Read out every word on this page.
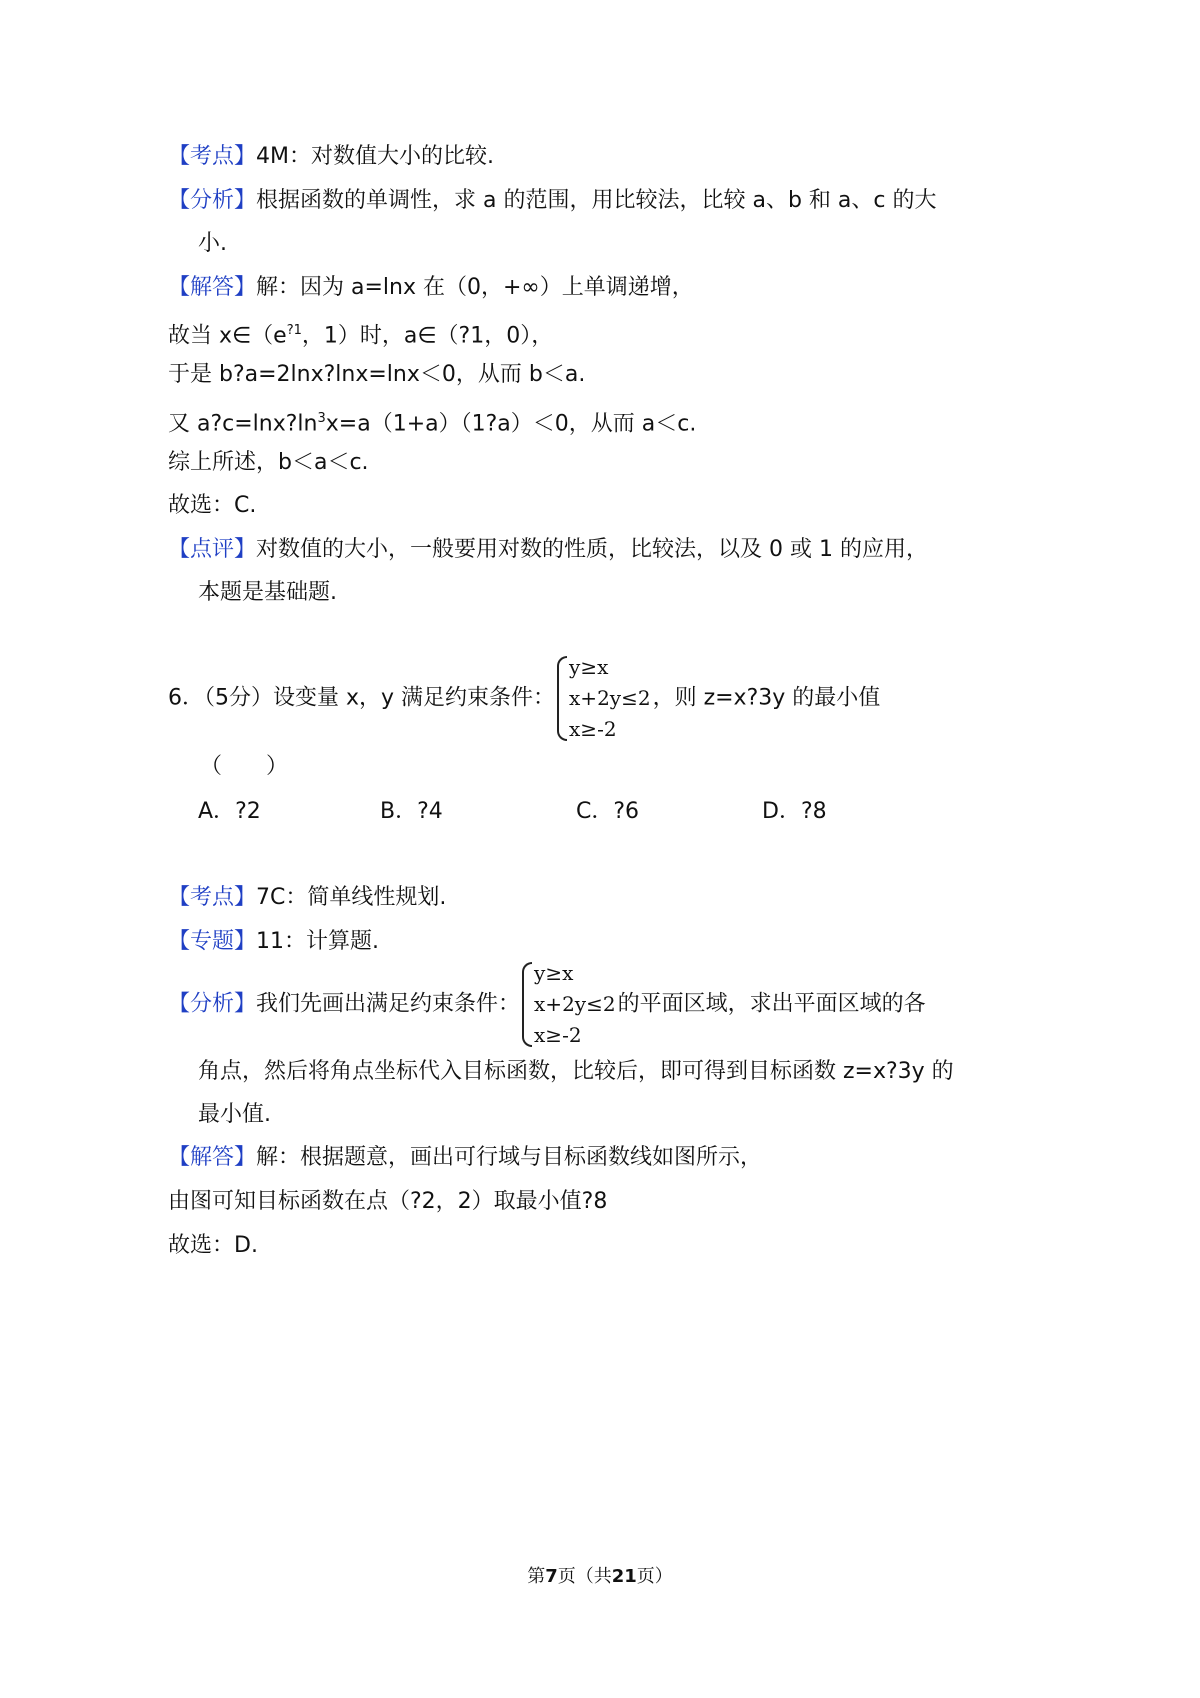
【考点】4M：对数值大小的比较.
【分析】根据函数的单调性，求 a 的范围，用比较法，比较 a、b 和 a、c 的大
小.
【解答】解：因为 a=lnx 在（0，+∞）上单调递增，
故当 $x\in(e^{?1}$，1）时，a∈（?1，0），
于是 b?a=2lnx?lnx=lnx＜0，从而 b＜a.
又 $a?c=\ln x?\ln^3x=a(1+a)(1?a)<0$，从而 a＜c.
综上所述，b＜a＜c.
故选：C.
【点评】对数值的大小，一般要用对数的性质，比较法，以及 0 或 1 的应用，
本题是基础题.
6．（5分）设变量 x，y 满足约束条件：
y≥x
x+2y≤2
x≥-2
，则 z=x?3y 的最小值
（　　）
A．?2	B．?4	C．?6	D．?8
【考点】7C：简单线性规划.
【专题】11：计算题.
【分析】我们先画出满足约束条件：
y≥x
x+2y≤2
x≥-2
的平面区域，求出平面区域的各
角点，然后将角点坐标代入目标函数，比较后，即可得到目标函数 z=x?3y 的
最小值.
【解答】解：根据题意，画出可行域与目标函数线如图所示，
由图可知目标函数在点（?2，2）取最小值?8
故选：D.
第7页（共21页）
